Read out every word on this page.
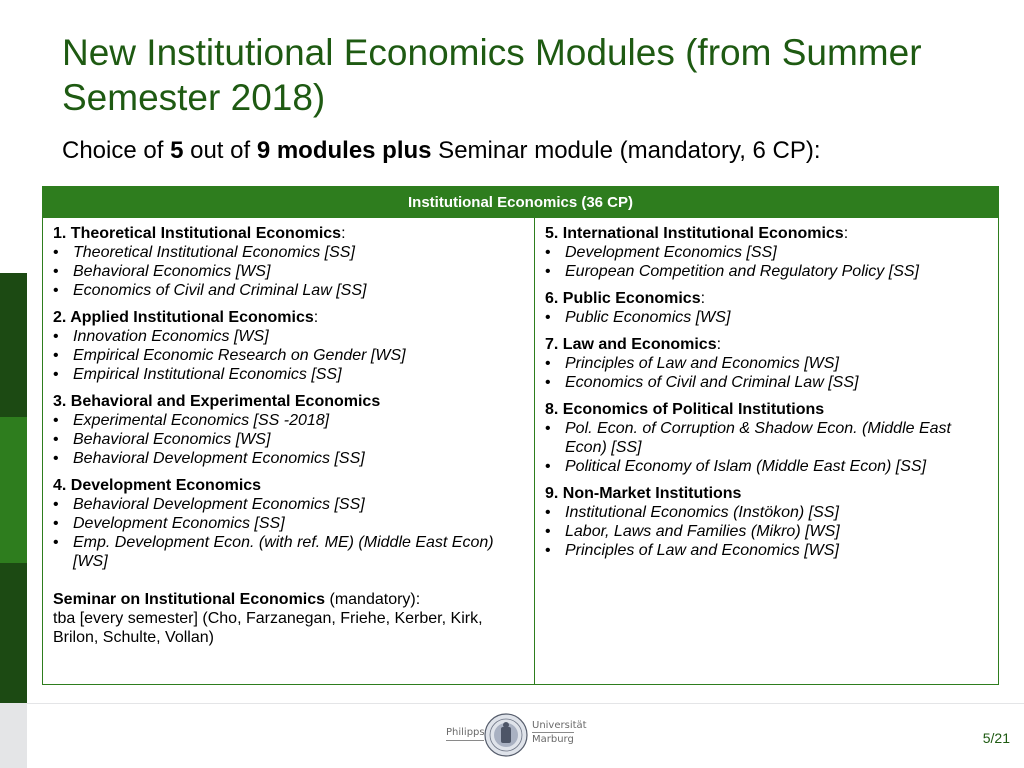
New Institutional Economics Modules (from Summer Semester 2018)

Choice of 5 out of 9 modules plus Seminar module (mandatory, 6 CP):

Institutional Economics (36 CP)
1. Theoretical Institutional Economics:
• Theoretical Institutional Economics [SS]
• Behavioral Economics [WS]
• Economics of Civil and Criminal Law [SS]
2. Applied Institutional Economics:
• Innovation Economics [WS]
• Empirical Economic Research on Gender [WS]
• Empirical Institutional Economics [SS]
3. Behavioral and Experimental Economics
• Experimental Economics [SS -2018]
• Behavioral Economics [WS]
• Behavioral Development Economics [SS]
4. Development Economics
• Behavioral Development Economics [SS]
• Development Economics [SS]
• Emp. Development Econ. (with ref. ME) (Middle East Econ) [WS]
Seminar on Institutional Economics (mandatory):
tba [every semester] (Cho, Farzanegan, Friehe, Kerber, Kirk, Brilon, Schulte, Vollan)
5. International Institutional Economics:
• Development Economics [SS]
• European Competition and Regulatory Policy [SS]
6. Public Economics:
• Public Economics [WS]
7. Law and Economics:
• Principles of Law and Economics [WS]
• Economics of Civil and Criminal Law [SS]
8. Economics of Political Institutions
• Pol. Econ. of Corruption & Shadow Econ. (Middle East Econ) [SS]
• Political Economy of Islam (Middle East Econ) [SS]
9. Non-Market Institutions
• Institutional Economics (Instökon) [SS]
• Labor, Laws and Families (Mikro) [WS]
• Principles of Law and Economics [WS]
Philipps
Universität
Marburg	5/21
